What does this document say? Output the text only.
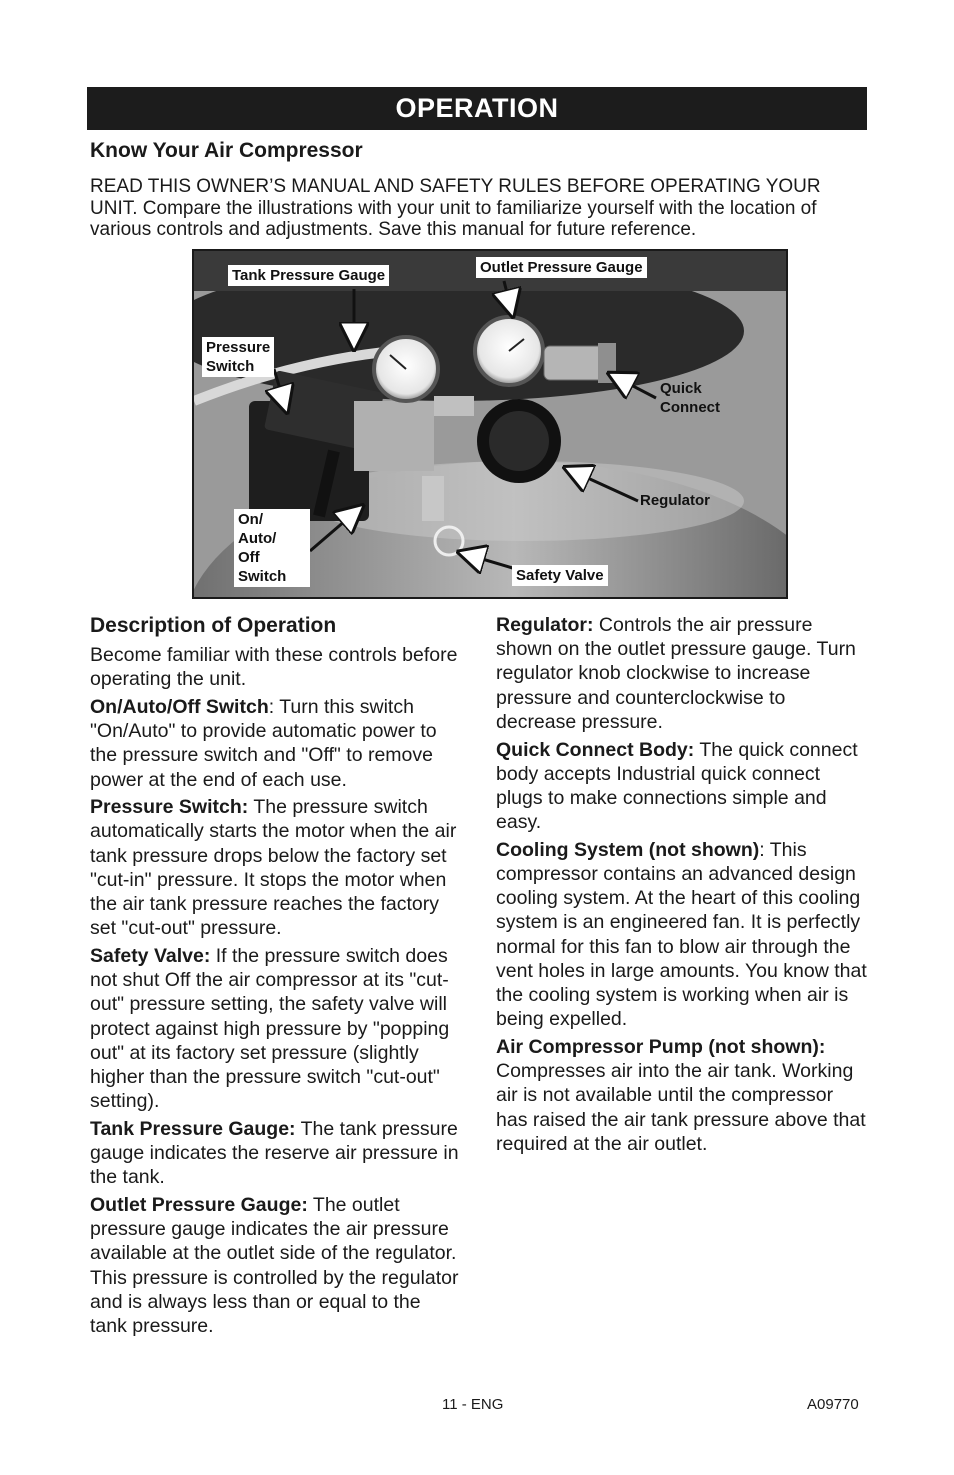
OPERATION
Know Your Air Compressor
READ THIS OWNER’S MANUAL AND SAFETY RULES BEFORE OPERATING YOUR UNIT. Compare the illustrations with your unit to familiarize yourself with the location of various controls and adjustments. Save this manual for future reference.
Tank Pressure Gauge	Outlet Pressure Gauge
Pressure
Switch
Quick
Connect
Regulator
On/
Auto/
Off
Switch	Safety Valve
Description of Operation

Become familiar with these controls before operating the unit.

On/Auto/Off Switch: Turn this switch "On/Auto" to provide automatic power to the pressure switch and "Off" to remove power at the end of each use.

Pressure Switch: The pressure switch automatically starts the motor when the air tank pressure drops below the factory set "cut-in" pressure. It stops the motor when the air tank pressure reaches the factory set "cut-out" pressure.

Safety Valve: If the pressure switch does not shut Off the air compressor at its "cut-out" pressure setting, the safety valve will protect against high pressure by "popping out" at its factory set pressure (slightly higher than the pressure switch "cut-out" setting).

Tank Pressure Gauge: The tank pressure gauge indicates the reserve air pressure in the tank.

Outlet Pressure Gauge: The outlet pressure gauge indicates the air pressure available at the outlet side of the regulator. This pressure is controlled by the regulator and is always less than or equal to the tank pressure.

Regulator: Controls the air pressure shown on the outlet pressure gauge. Turn regulator knob clockwise to increase pressure and counterclockwise to decrease pressure.

Quick Connect Body: The quick connect body accepts Industrial quick connect plugs to make connections simple and easy.

Cooling System (not shown): This compressor contains an advanced design cooling system. At the heart of this cooling system is an engineered fan. It is perfectly normal for this fan to blow air through the vent holes in large amounts. You know that the cooling system is working when air is being expelled.

Air Compressor Pump (not shown): Compresses air into the air tank. Working air is not available until the compressor has raised the air tank pressure above that required at the air outlet.

11 - ENG	A09770
